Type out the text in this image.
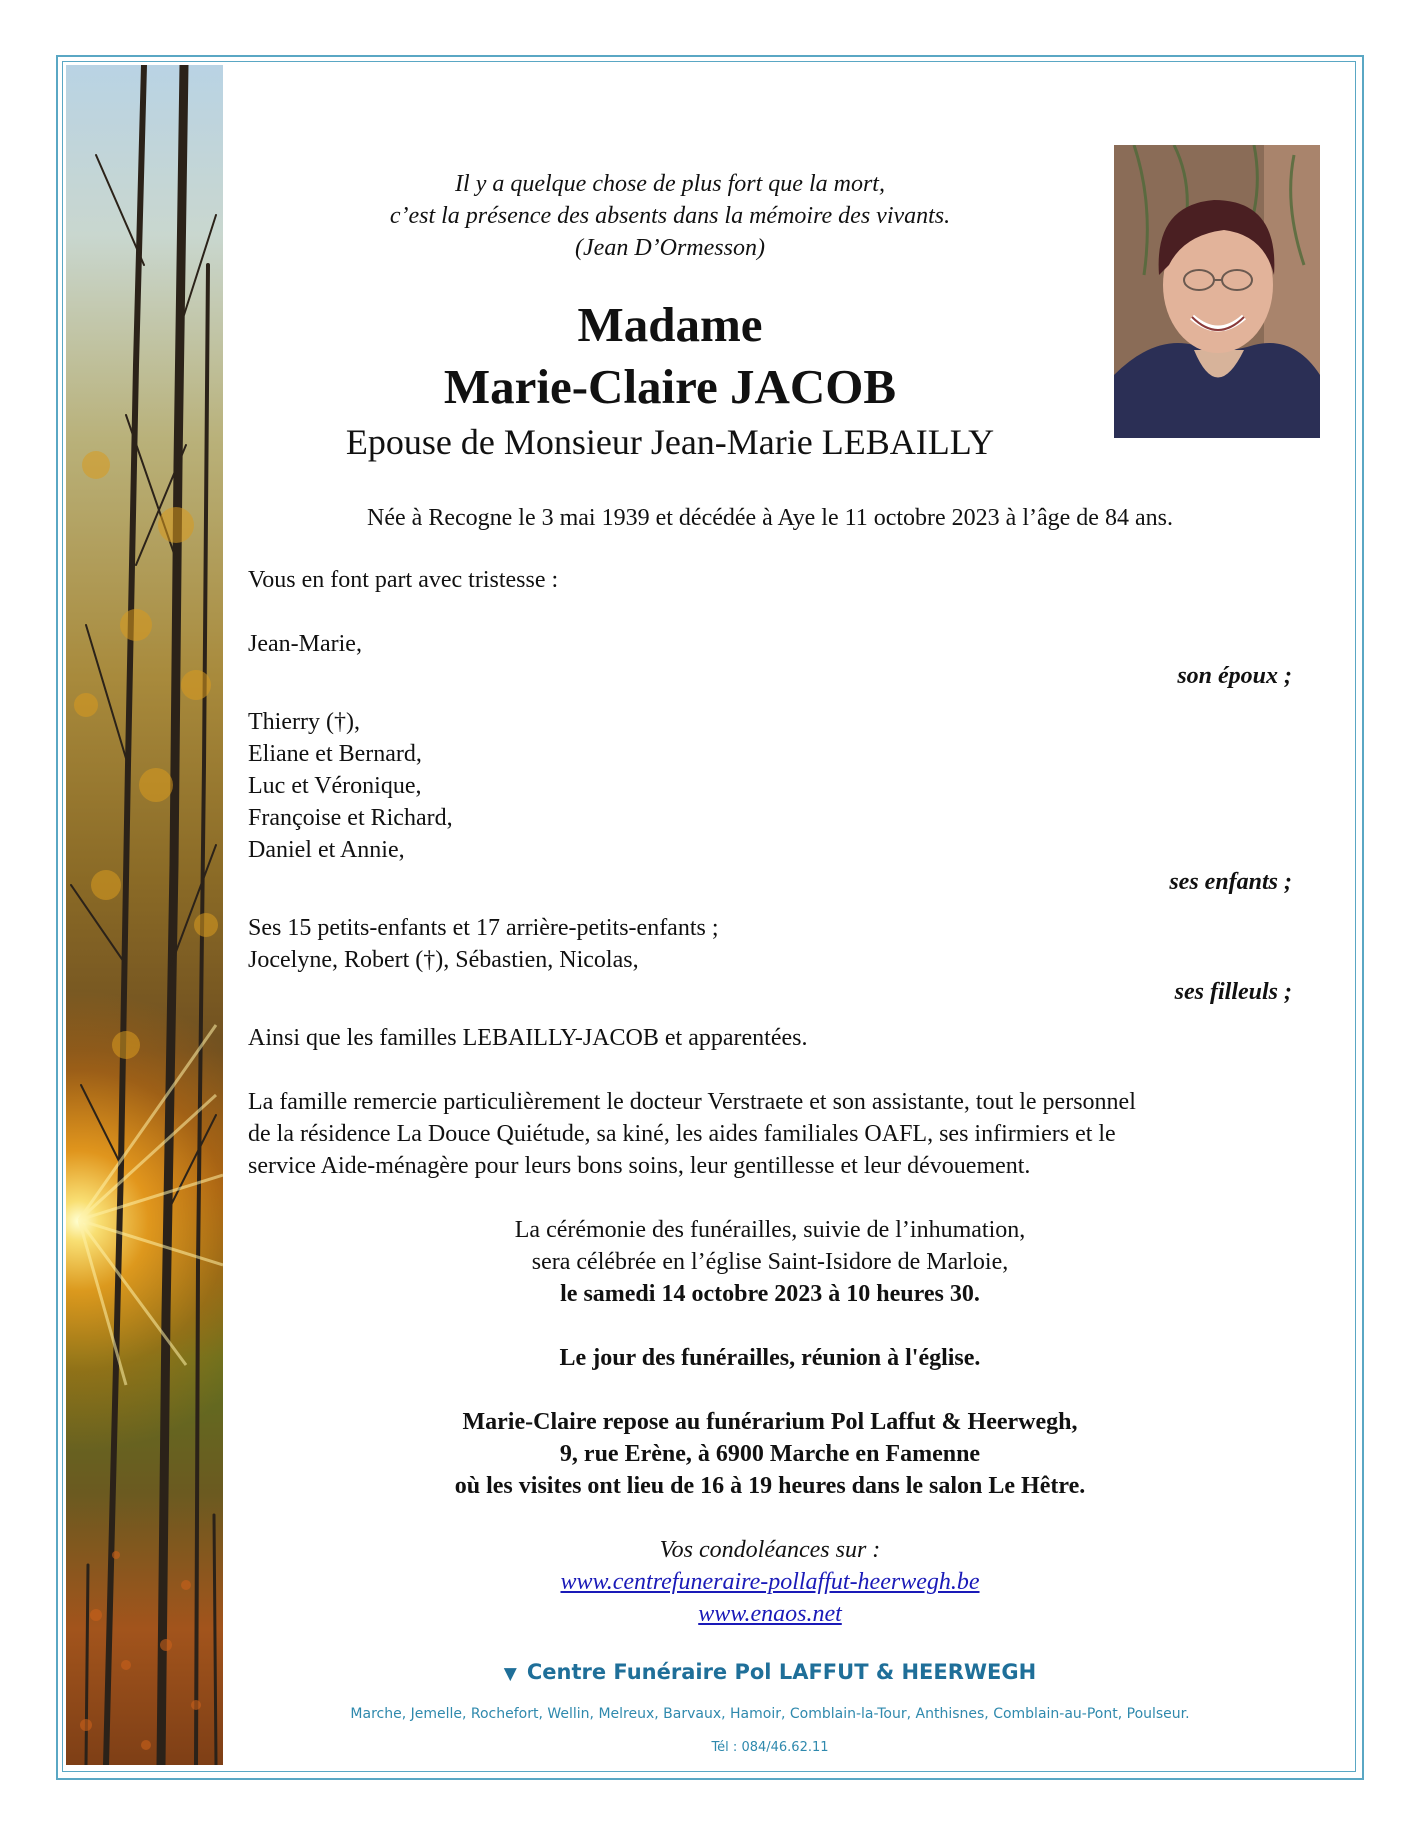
Il y a quelque chose de plus fort que la mort,
c’est la présence des absents dans la mémoire des vivants.
(Jean D’Ormesson)
Madame
Marie-Claire JACOB
Epouse de Monsieur Jean-Marie LEBAILLY
Née à Recogne le 3 mai 1939 et décédée à Aye le 11 octobre 2023 à l’âge de 84 ans.
Vous en font part avec tristesse :
Jean-Marie,
son époux ;
Thierry (†),
Eliane et Bernard,
Luc et Véronique,
Françoise et Richard,
Daniel et Annie,
ses enfants ;
Ses 15 petits-enfants et 17 arrière-petits-enfants ;
Jocelyne, Robert (†), Sébastien, Nicolas,
ses filleuls ;
Ainsi que les familles LEBAILLY-JACOB et apparentées.
La famille remercie particulièrement le docteur Verstraete et son assistante, tout le personnel
de la résidence La Douce Quiétude, sa kiné, les aides familiales OAFL, ses infirmiers et le
service Aide-ménagère pour leurs bons soins, leur gentillesse et leur dévouement.
La cérémonie des funérailles, suivie de l’inhumation,
sera célébrée en l’église Saint-Isidore de Marloie,
le samedi 14 octobre 2023 à 10 heures 30.
Le jour des funérailles, réunion à l'église.
Marie-Claire repose au funérarium Pol Laffut & Heerwegh,
9, rue Erène, à 6900 Marche en Famenne
où les visites ont lieu de 16 à 19 heures dans le salon Le Hêtre.
Vos condoléances sur :
www.centrefuneraire-pollaffut-heerwegh.be
www.enaos.net
▼ Centre Funéraire Pol LAFFUT & HEERWEGH
Marche, Jemelle, Rochefort, Wellin, Melreux, Barvaux, Hamoir, Comblain-la-Tour, Anthisnes, Comblain-au-Pont, Poulseur.
Tél : 084/46.62.11
